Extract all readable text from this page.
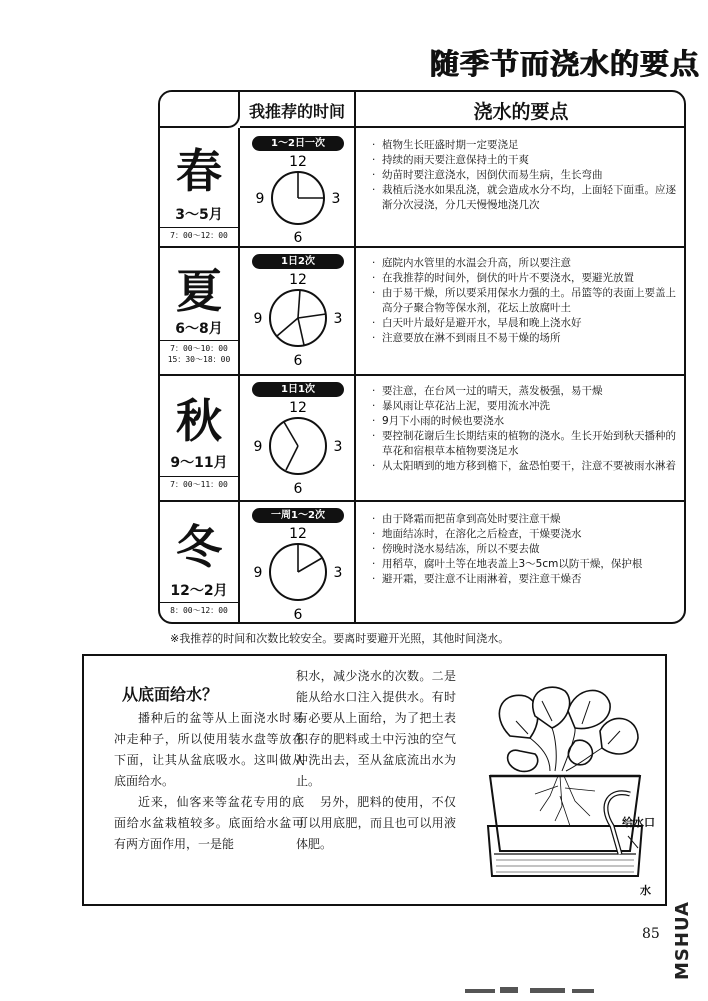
随季节而浇水的要点
我推荐的时间	浇水的要点
春
3～5月
7：00～12：00
1～2日一次
12
9	3
6
· 植物生长旺盛时期一定要浇足
· 持续的雨天要注意保持土的干爽
· 幼苗时要注意浇水，因倒伏而易生病，生长弯曲
· 栽植后浇水如果乱浇，就会造成水分不均，上面轻下面重。应逐渐分次浸浇，分几天慢慢地浇几次
夏
6～8月
7：00～10：00
15：30～18：00
1日2次
12
9	3
6
· 庭院内水管里的水温会升高，所以要注意
· 在我推荐的时间外，倒伏的叶片不要浇水，要避光放置
· 由于易干燥，所以要采用保水力强的土。吊篮等的表面上要盖上高分子聚合物等保水剂，花坛上放腐叶土
· 白天叶片最好是避开水，早晨和晚上浇水好
· 注意要放在淋不到雨且不易干燥的场所
秋
9～11月
7：00～11：00
1日1次
12
9	3
6
· 要注意，在台风一过的晴天，蒸发极强，易干燥
· 暴风雨让草花沾上泥，要用流水冲洗
· 9月下小雨的时候也要浇水
· 要控制花谢后生长期结束的植物的浇水。生长开始到秋天播种的草花和宿根草本植物要浇足水
· 从太阳晒到的地方移到檐下，盆恐怕要干，注意不要被雨水淋着
冬
12～2月
8：00～12：00
一周1～2次
12
9	3
6
· 由于降霜而把苗拿到高处时要注意干燥
· 地面结冻时，在溶化之后检查，干燥要浇水
· 傍晚时浇水易结冻，所以不要去做
· 用稻草，腐叶土等在地表盖上3～5cm以防干燥，保护根
· 避开霜，要注意不让雨淋着，要注意干燥否
※我推荐的时间和次数比较安全。要离时要避开光照，其他时间浇水。
从底面给水？

播种后的盆等从上面浇水时易冲走种子，所以使用装水盘等放在下面，让其从盆底吸水。这叫做从底面给水。

近来，仙客来等盆花专用的底面给水盆栽植较多。底面给水盆可有两方面作用，一是能

积水，减少浇水的次数。二是能从给水口注入提供水。有时有必要从上面给，为了把土表积存的肥料或土中污浊的空气冲洗出去，至从盆底流出水为止。

另外，肥料的使用，不仅可以用底肥，而且也可以用液体肥。

给水口
水
85 MSHUA
